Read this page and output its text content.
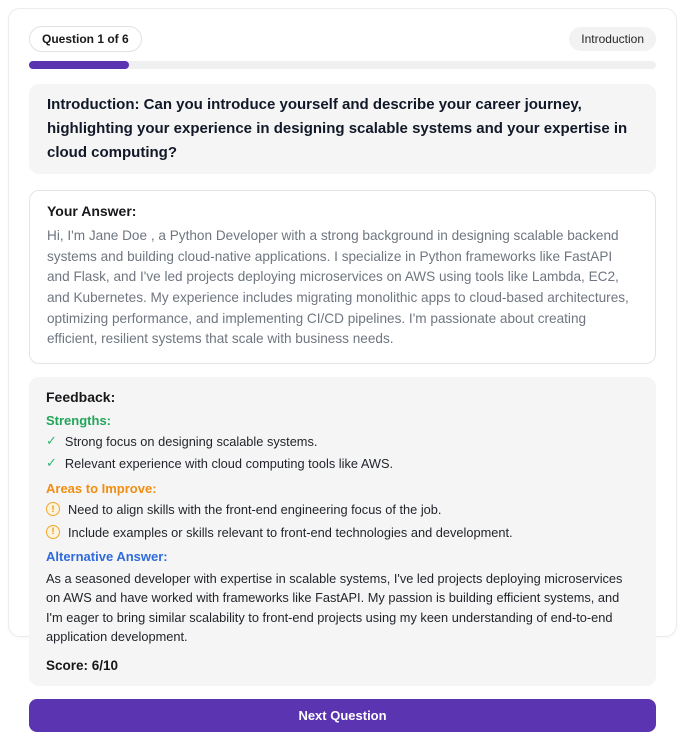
Question 1 of 6	Introduction
Introduction: Can you introduce yourself and describe your career journey, highlighting your experience in designing scalable systems and your expertise in cloud computing?
Your Answer:

Hi, I'm Jane Doe , a Python Developer with a strong background in designing scalable backend systems and building cloud-native applications. I specialize in Python frameworks like FastAPI and Flask, and I've led projects deploying microservices on AWS using tools like Lambda, EC2, and Kubernetes. My experience includes migrating monolithic apps to cloud-based architectures, optimizing performance, and implementing CI/CD pipelines. I'm passionate about creating efficient, resilient systems that scale with business needs.

Feedback:
Strengths:
✓ Strong focus on designing scalable systems.
✓ Relevant experience with cloud computing tools like AWS.
Areas to Improve:
!	Need to align skills with the front-end engineering focus of the job.
!	Include examples or skills relevant to front-end technologies and development.
Alternative Answer:

As a seasoned developer with expertise in scalable systems, I've led projects deploying microservices on AWS and have worked with frameworks like FastAPI. My passion is building efficient systems, and I'm eager to bring similar scalability to front-end projects using my keen understanding of end-to-end application development.

Score: 6/10
Next Question
